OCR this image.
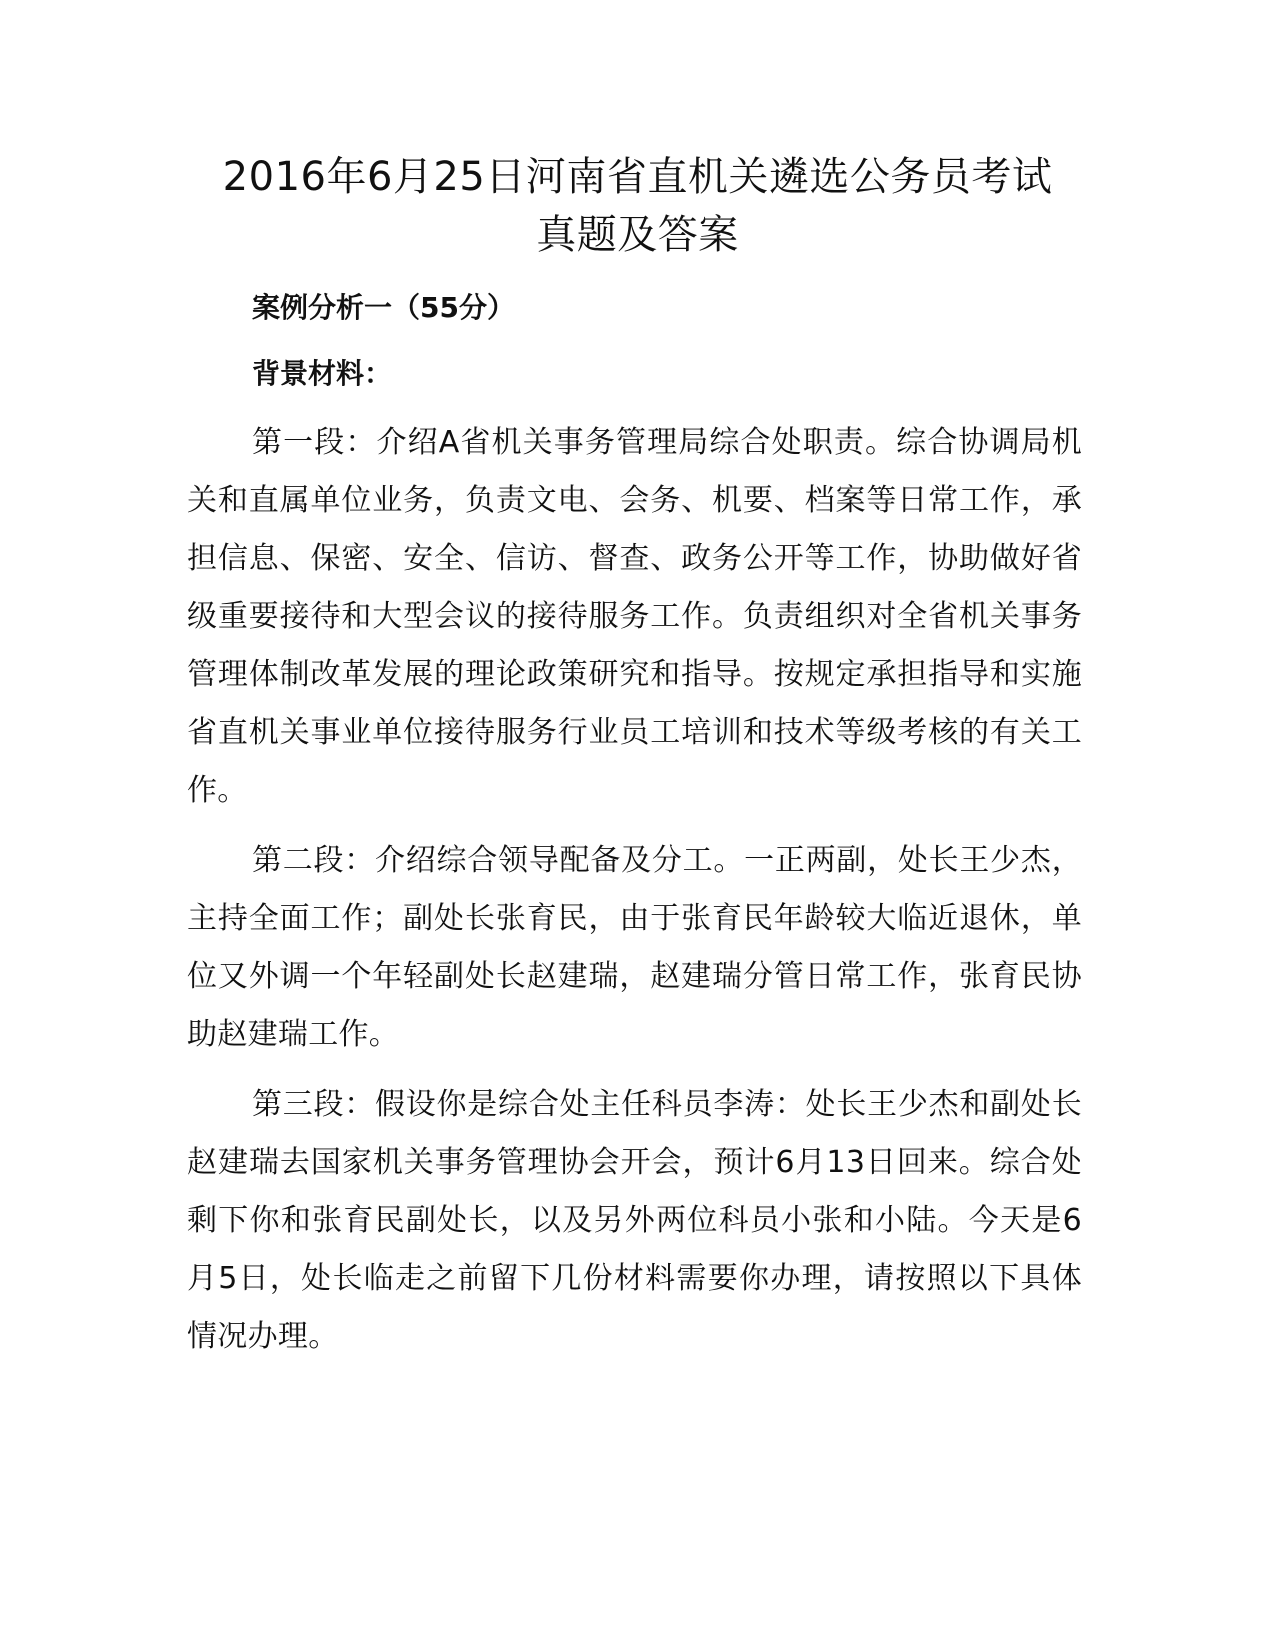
2016年6月25日河南省直机关遴选公务员考试
真题及答案

案例分析一（55分）

背景材料：

第一段：介绍A省机关事务管理局综合处职责。综合协调局机关和直属单位业务，负责文电、会务、机要、档案等日常工作，承担信息、保密、安全、信访、督查、政务公开等工作，协助做好省级重要接待和大型会议的接待服务工作。负责组织对全省机关事务管理体制改革发展的理论政策研究和指导。按规定承担指导和实施省直机关事业单位接待服务行业员工培训和技术等级考核的有关工作。

第二段：介绍综合领导配备及分工。一正两副，处长王少杰，主持全面工作；副处长张育民，由于张育民年龄较大临近退休，单位又外调一个年轻副处长赵建瑞，赵建瑞分管日常工作，张育民协助赵建瑞工作。

第三段：假设你是综合处主任科员李涛：处长王少杰和副处长赵建瑞去国家机关事务管理协会开会，预计6月13日回来。综合处剩下你和张育民副处长，以及另外两位科员小张和小陆。今天是6月5日，处长临走之前留下几份材料需要你办理，请按照以下具体情况办理。
